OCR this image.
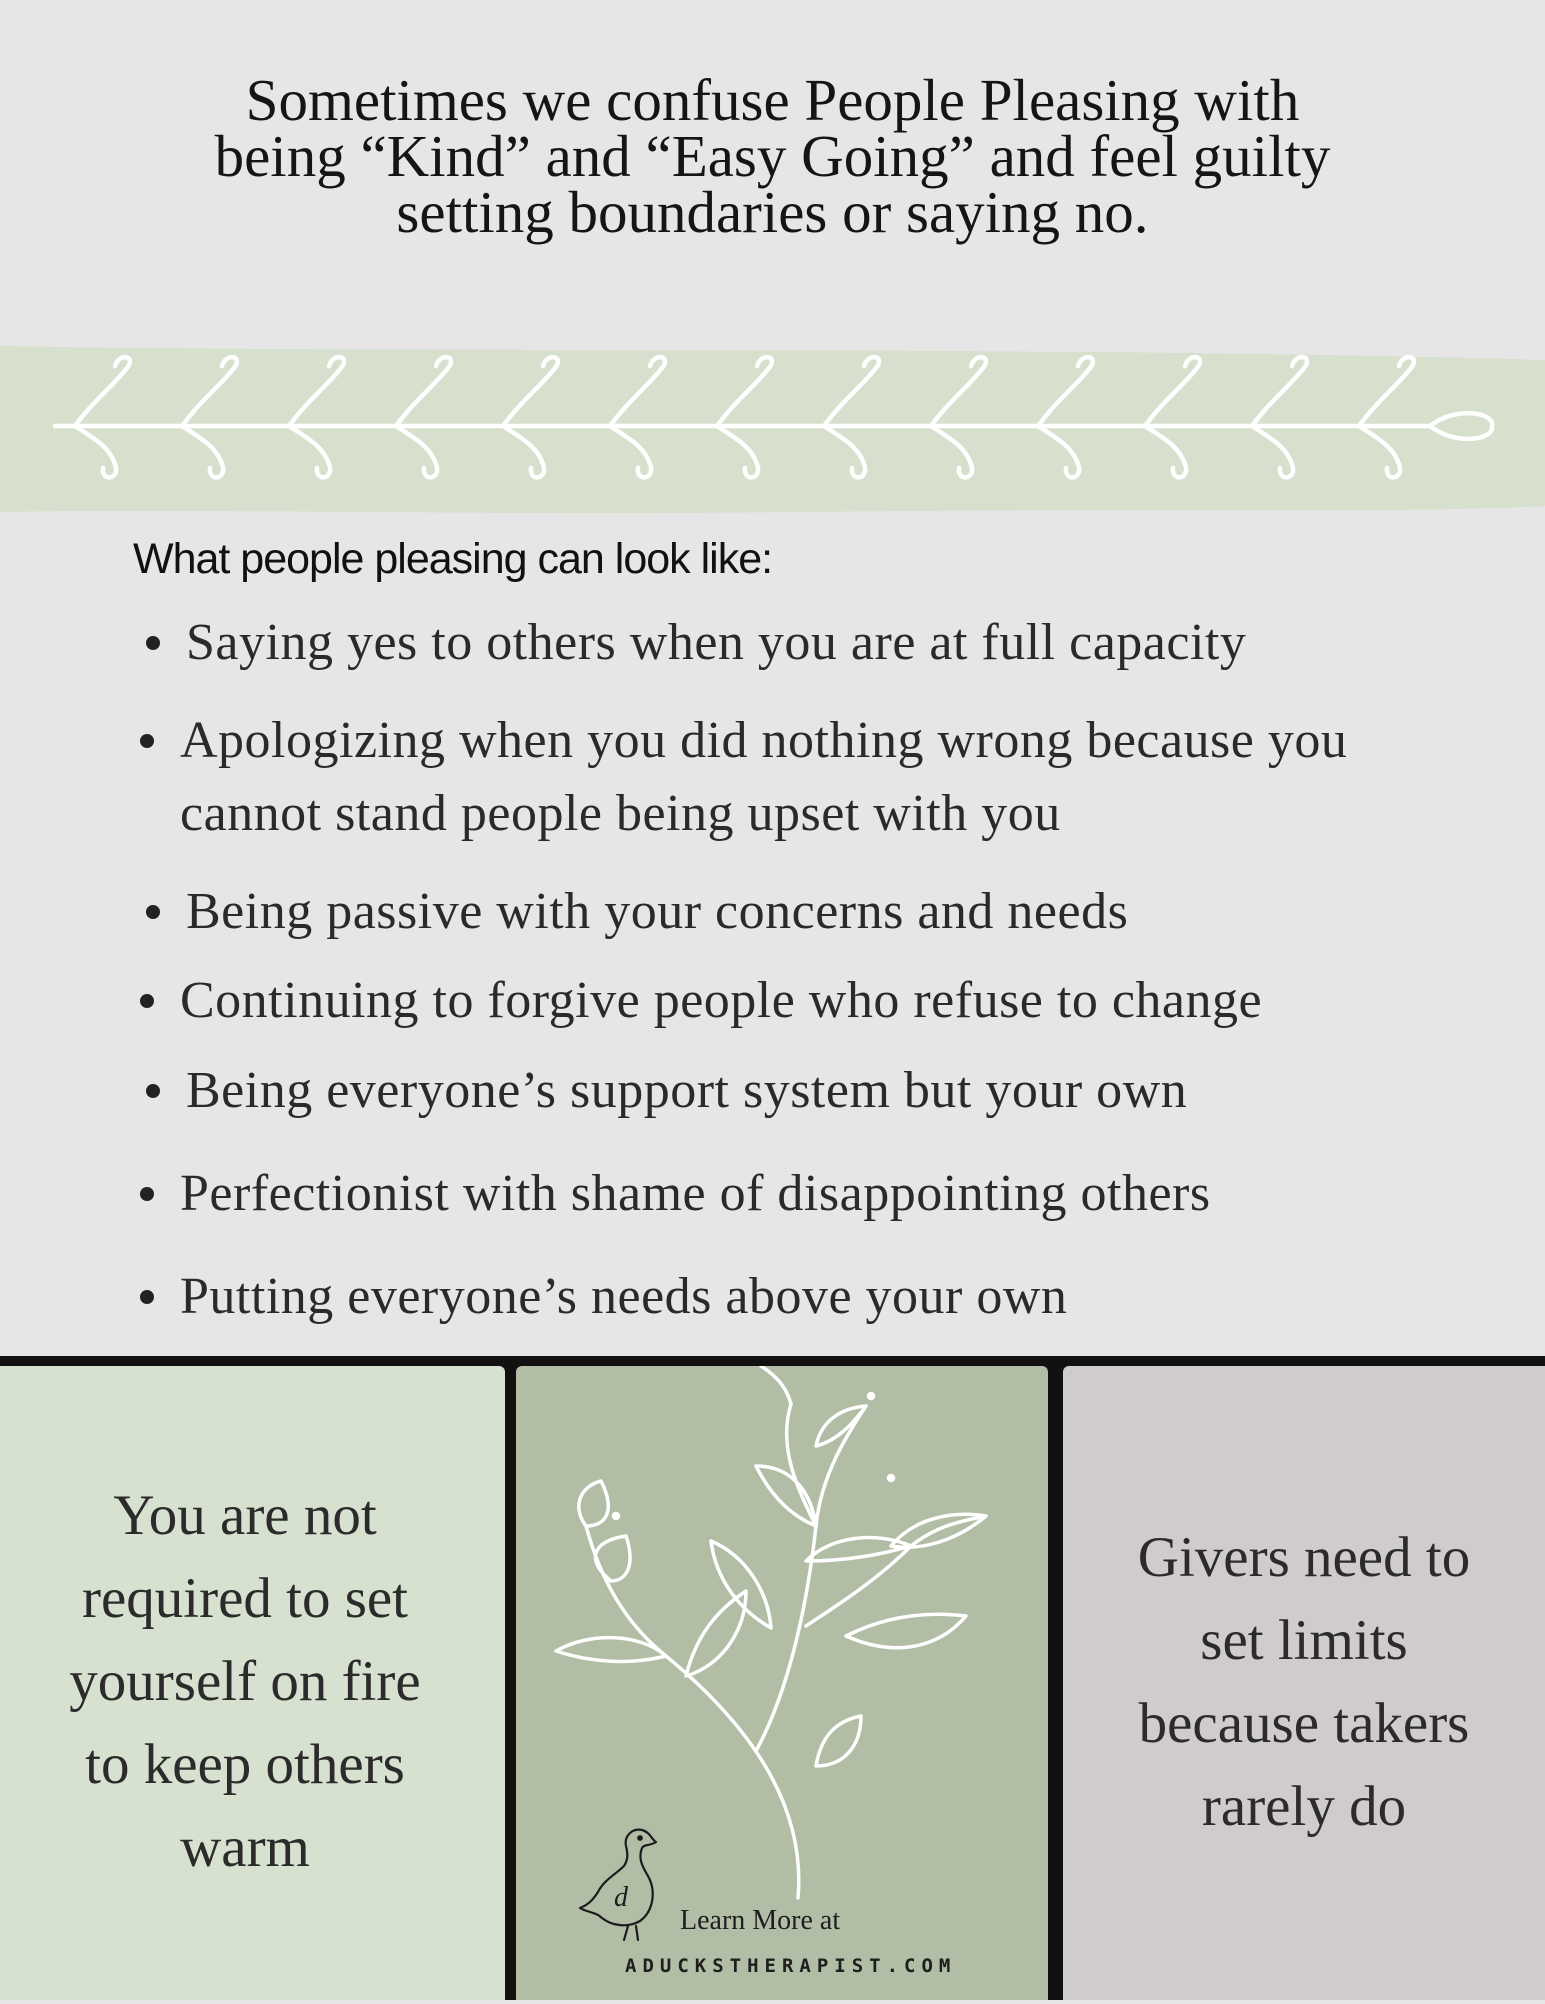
Sometimes we confuse People Pleasing with
being “Kind” and “Easy Going” and feel guilty
setting boundaries or saying no.
What people pleasing can look like:
Saying yes to others when you are at full capacity
Apologizing when you did nothing wrong because you
cannot stand people being upset with you
Being passive with your concerns and needs
Continuing to forgive people who refuse to change
Being everyone’s support system but your own
Perfectionist with shame of disappointing others
Putting everyone’s needs above your own
You are not
required to set
yourself on fire
to keep others
warm
d
Givers need to
set limits
because takers
rarely do
Learn More at
ADUCKSTHERAPIST.COM
